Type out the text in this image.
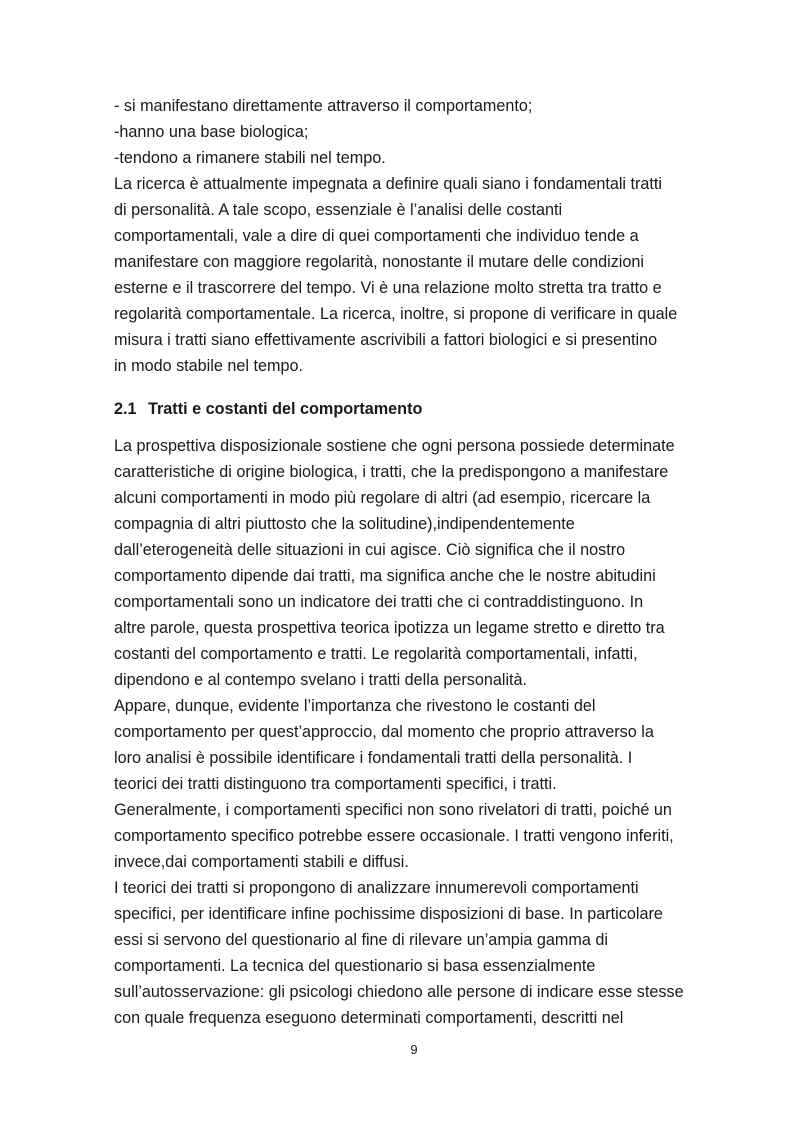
- si manifestano direttamente attraverso il comportamento;
-hanno una base biologica;
-tendono a rimanere stabili nel tempo.
La ricerca è attualmente impegnata a definire quali siano i fondamentali tratti
di personalità. A tale scopo, essenziale è l’analisi delle costanti
comportamentali, vale a dire di quei comportamenti che individuo tende a
manifestare con maggiore regolarità, nonostante il mutare delle condizioni
esterne e il trascorrere del tempo. Vi è una relazione molto stretta tra tratto e
regolarità comportamentale. La ricerca, inoltre, si propone di verificare in quale
misura i tratti siano effettivamente ascrivibili a fattori biologici e si presentino
in modo stabile nel tempo.
2.1 Tratti e costanti del comportamento
La prospettiva disposizionale sostiene che ogni persona possiede determinate
caratteristiche di origine biologica, i tratti, che la predispongono a manifestare
alcuni comportamenti in modo più regolare di altri (ad esempio, ricercare la
compagnia di altri piuttosto che la solitudine),indipendentemente
dall’eterogeneità delle situazioni in cui agisce. Ciò significa che il nostro
comportamento dipende dai tratti, ma significa anche che le nostre abitudini
comportamentali sono un indicatore dei tratti che ci contraddistinguono. In
altre parole, questa prospettiva teorica ipotizza un legame stretto e diretto tra
costanti del comportamento e tratti. Le regolarità comportamentali, infatti,
dipendono e al contempo svelano i tratti della personalità.
Appare, dunque, evidente l’importanza che rivestono le costanti del
comportamento per quest’approccio, dal momento che proprio attraverso la
loro analisi è possibile identificare i fondamentali tratti della personalità. I
teorici dei tratti distinguono tra comportamenti specifici, i tratti.
Generalmente, i comportamenti specifici non sono rivelatori di tratti, poiché un
comportamento specifico potrebbe essere occasionale. I tratti vengono inferiti,
invece,dai comportamenti stabili e diffusi.
I teorici dei tratti si propongono di analizzare innumerevoli comportamenti
specifici, per identificare infine pochissime disposizioni di base. In particolare
essi si servono del questionario al fine di rilevare un’ampia gamma di
comportamenti. La tecnica del questionario si basa essenzialmente
sull’autosservazione: gli psicologi chiedono alle persone di indicare esse stesse
con quale frequenza eseguono determinati comportamenti, descritti nel
9
